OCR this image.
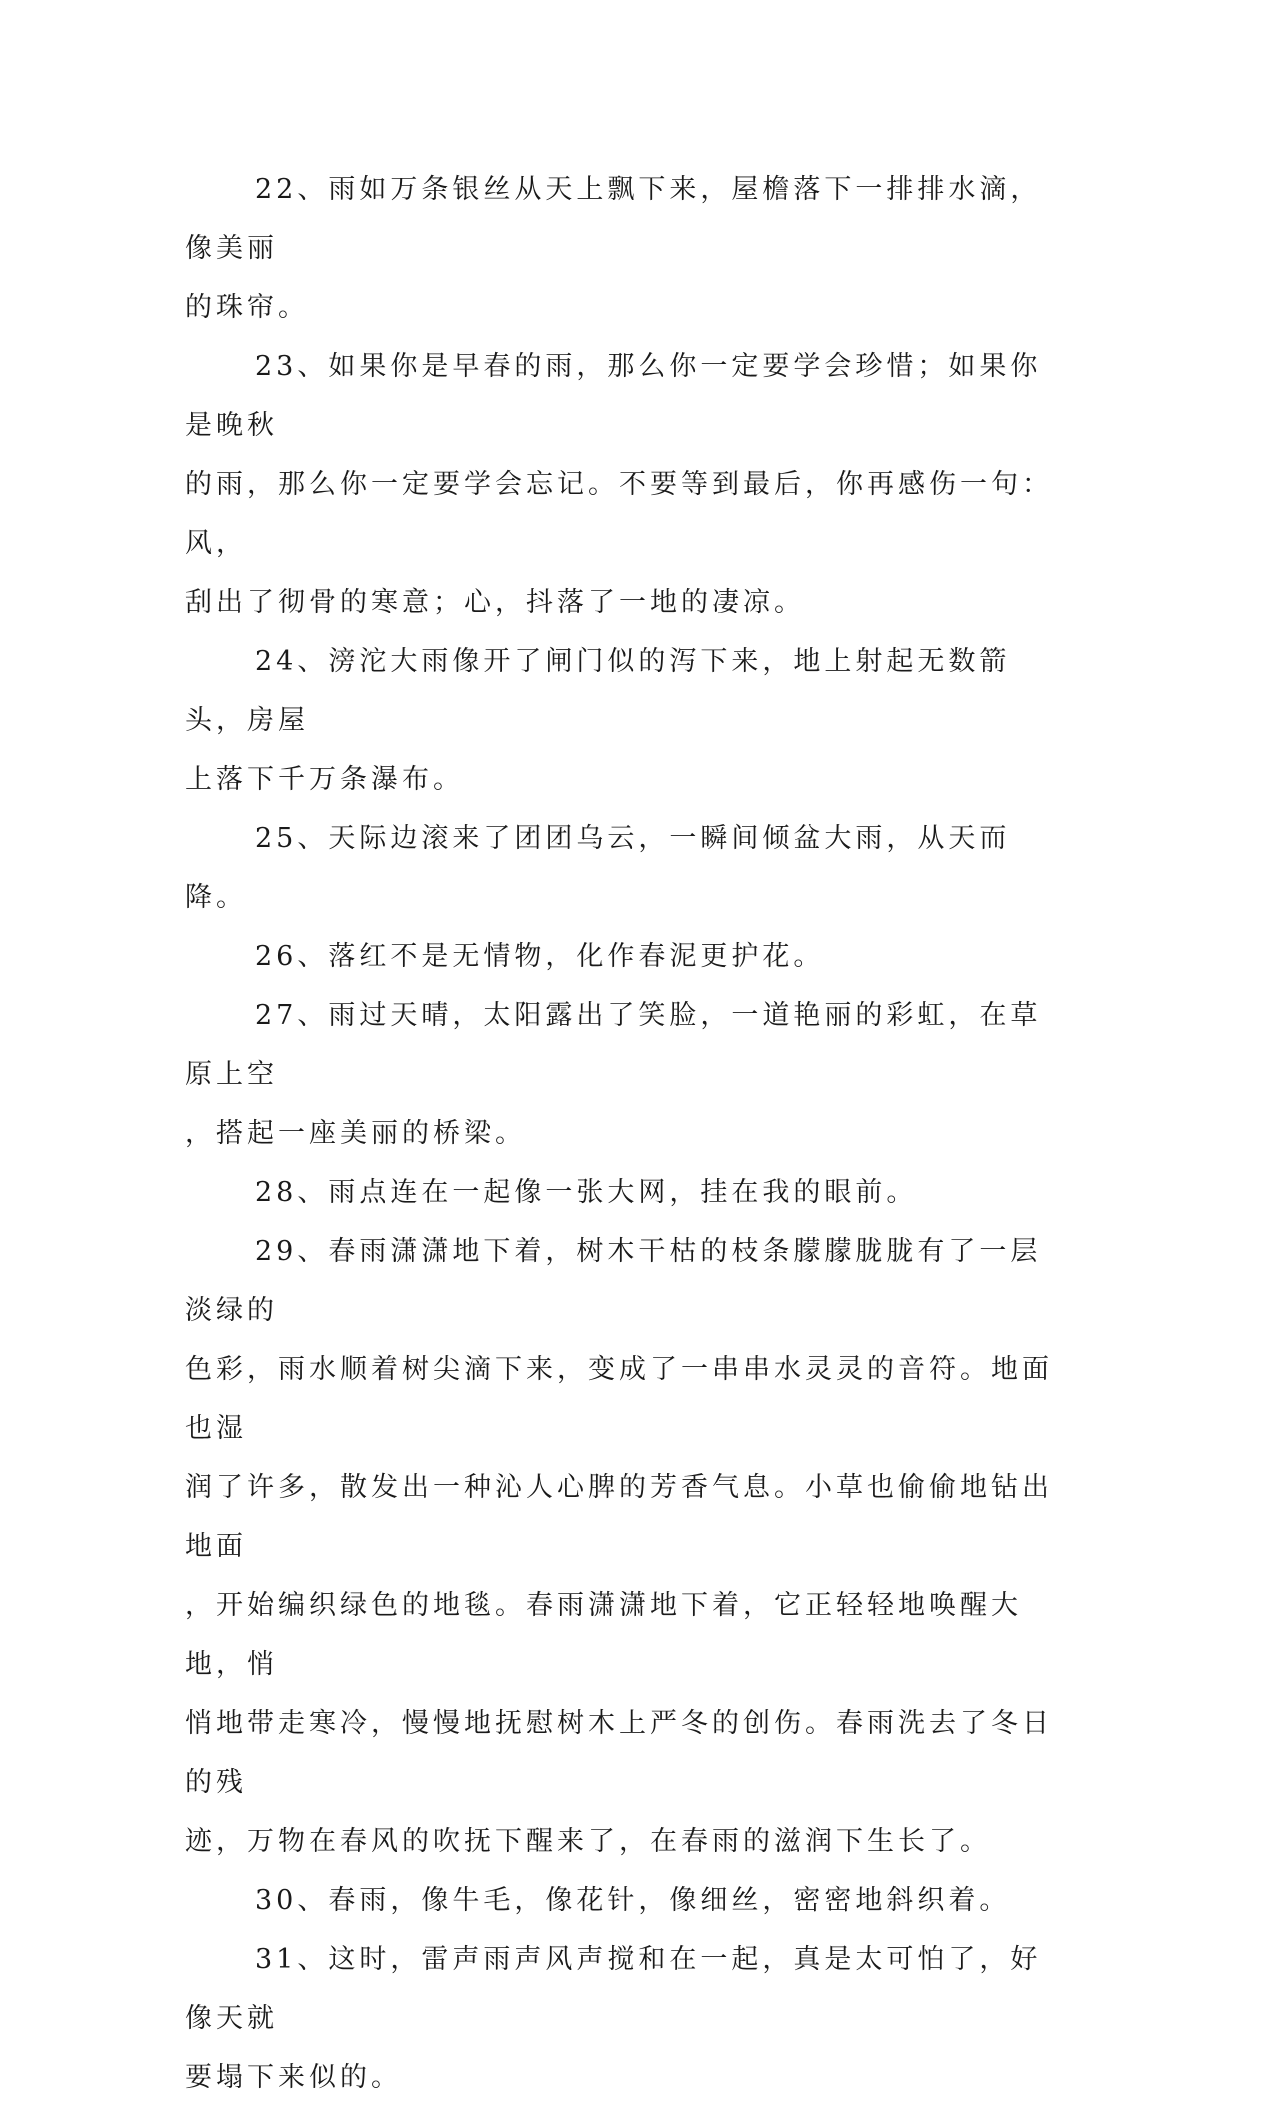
22、雨如万条银丝从天上飘下来，屋檐落下一排排水滴，像美丽
的珠帘。

23、如果你是早春的雨，那么你一定要学会珍惜；如果你是晚秋
的雨，那么你一定要学会忘记。不要等到最后，你再感伤一句：风，
刮出了彻骨的寒意；心，抖落了一地的凄凉。

24、滂沱大雨像开了闸门似的泻下来，地上射起无数箭头，房屋
上落下千万条瀑布。

25、天际边滚来了团团乌云，一瞬间倾盆大雨，从天而降。

26、落红不是无情物，化作春泥更护花。

27、雨过天晴，太阳露出了笑脸，一道艳丽的彩虹，在草原上空
，搭起一座美丽的桥梁。

28、雨点连在一起像一张大网，挂在我的眼前。

29、春雨潇潇地下着，树木干枯的枝条朦朦胧胧有了一层淡绿的
色彩，雨水顺着树尖滴下来，变成了一串串水灵灵的音符。地面也湿
润了许多，散发出一种沁人心脾的芳香气息。小草也偷偷地钻出地面
，开始编织绿色的地毯。春雨潇潇地下着，它正轻轻地唤醒大地，悄
悄地带走寒冷，慢慢地抚慰树木上严冬的创伤。春雨洗去了冬日的残
迹，万物在春风的吹抚下醒来了，在春雨的滋润下生长了。

30、春雨，像牛毛，像花针，像细丝，密密地斜织着。

31、这时，雷声雨声风声搅和在一起，真是太可怕了，好像天就
要塌下来似的。
